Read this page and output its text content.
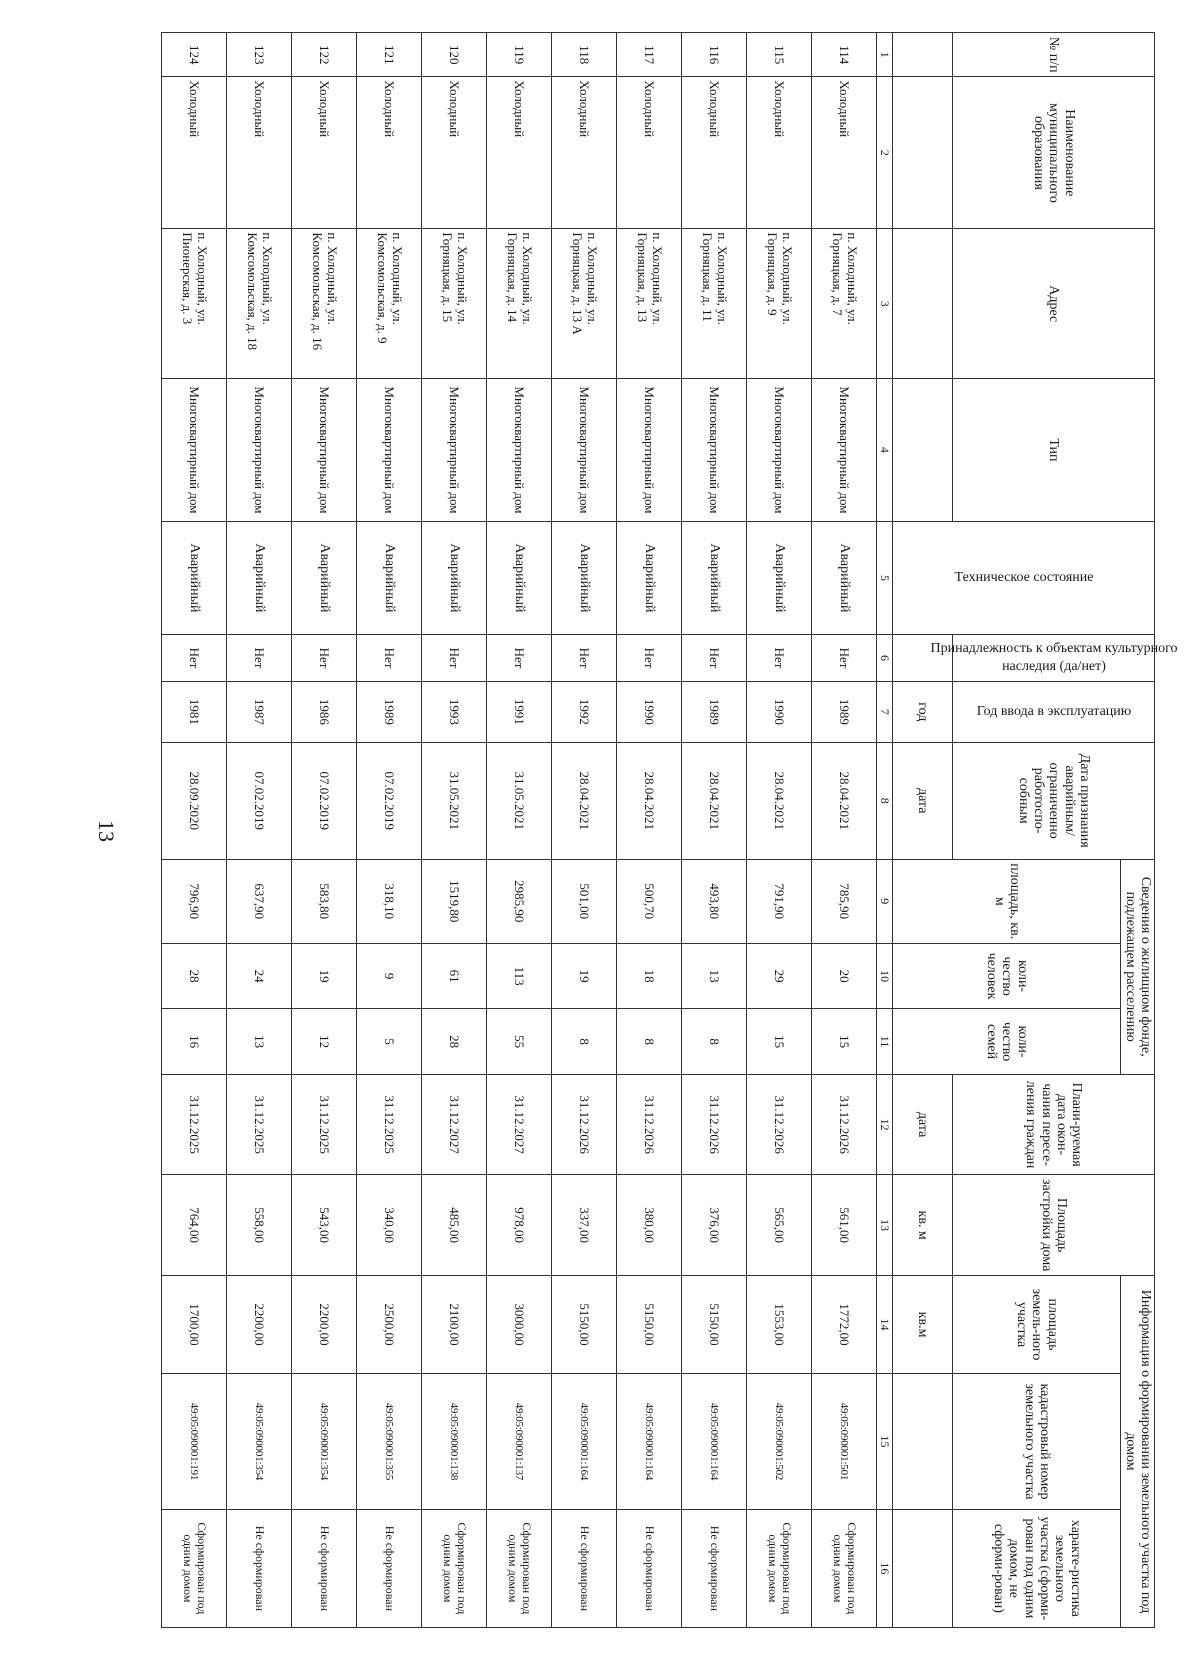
13
№ п/п	Наименование муниципального образования	Адрес	Тип	Техническое состояние	Принадлежность к объектам культурного наследия (да/нет)	Год ввода в эксплуатацию	Дата признания аварийным/ ограниченно работоспо-собным	Сведения о жилищном фонде, подлежащем расселению			Плани-руемая дата окон-чания пересе-ления граждан	Площадь застройки дома	Информация о формировании земельного участка под домом		
								площадь, кв. м	коли-чество человек	коли-чество семей			площадь земель-ного участка	кадастровый номер земельного участка	характе-ристика земельного участка (сформи-рован под одним домом, не сформи-рован)
						год	дата				дата	кв. м	кв.м		
1	2	3	4	5	6	7	8	9	10	11	12	13	14	15	16
114	Холодный	п. Холодный, ул. Горняцкая, д. 7	Многоквартирный дом	Аварийный	Нет	1989	28.04.2021	785,90	20	15	31.12.2026	561,00	1772,00	49:05:090001:501	Сформирован под одним домом
115	Холодный	п. Холодный, ул. Горняцкая, д. 9	Многоквартирный дом	Аварийный	Нет	1990	28.04.2021	791,90	29	15	31.12.2026	565,00	1553,00	49:05:090001:502	Сформирован под одним домом
116	Холодный	п. Холодный, ул. Горняцкая, д. 11	Многоквартирный дом	Аварийный	Нет	1989	28.04.2021	493,80	13	8	31.12.2026	376,00	5150,00	49:05:090001:164	Не сформирован
117	Холодный	п. Холодный, ул. Горняцкая, д. 13	Многоквартирный дом	Аварийный	Нет	1990	28.04.2021	500,70	18	8	31.12.2026	380,00	5150,00	49:05:090001:164	Не сформирован
118	Холодный	п. Холодный, ул. Горняцкая, д. 13 А	Многоквартирный дом	Аварийный	Нет	1992	28.04.2021	501,00	19	8	31.12.2026	337,00	5150,00	49:05:090001:164	Не сформирован
119	Холодный	п. Холодный, ул. Горняцкая, д. 14	Многоквартирный дом	Аварийный	Нет	1991	31.05.2021	2985,90	113	55	31.12.2027	978,00	3000,00	49:05:090001:137	Сформирован под одним домом
120	Холодный	п. Холодный, ул. Горняцкая, д. 15	Многоквартирный дом	Аварийный	Нет	1993	31.05.2021	1519,80	61	28	31.12.2027	485,00	2100,00	49:05:090001:138	Сформирован под одним домом
121	Холодный	п. Холодный, ул. Комсомольская, д. 9	Многоквартирный дом	Аварийный	Нет	1989	07.02.2019	318,10	9	5	31.12.2025	340,00	2500,00	49:05:090001:355	Не сформирован
122	Холодный	п. Холодный, ул. Комсомольская, д. 16	Многоквартирный дом	Аварийный	Нет	1986	07.02.2019	583,80	19	12	31.12.2025	543,00	2200,00	49:05:090001:354	Не сформирован
123	Холодный	п. Холодный, ул. Комсомольская, д. 18	Многоквартирный дом	Аварийный	Нет	1987	07.02.2019	637,90	24	13	31.12.2025	558,00	2200,00	49:05:090001:354	Не сформирован
124	Холодный	п. Холодный, ул. Пионерская, д. 3	Многоквартирный дом	Аварийный	Нет	1981	28.09.2020	796,90	28	16	31.12.2025	764,00	1700,00	49:05:090001:191	Сформирован под одним домом
